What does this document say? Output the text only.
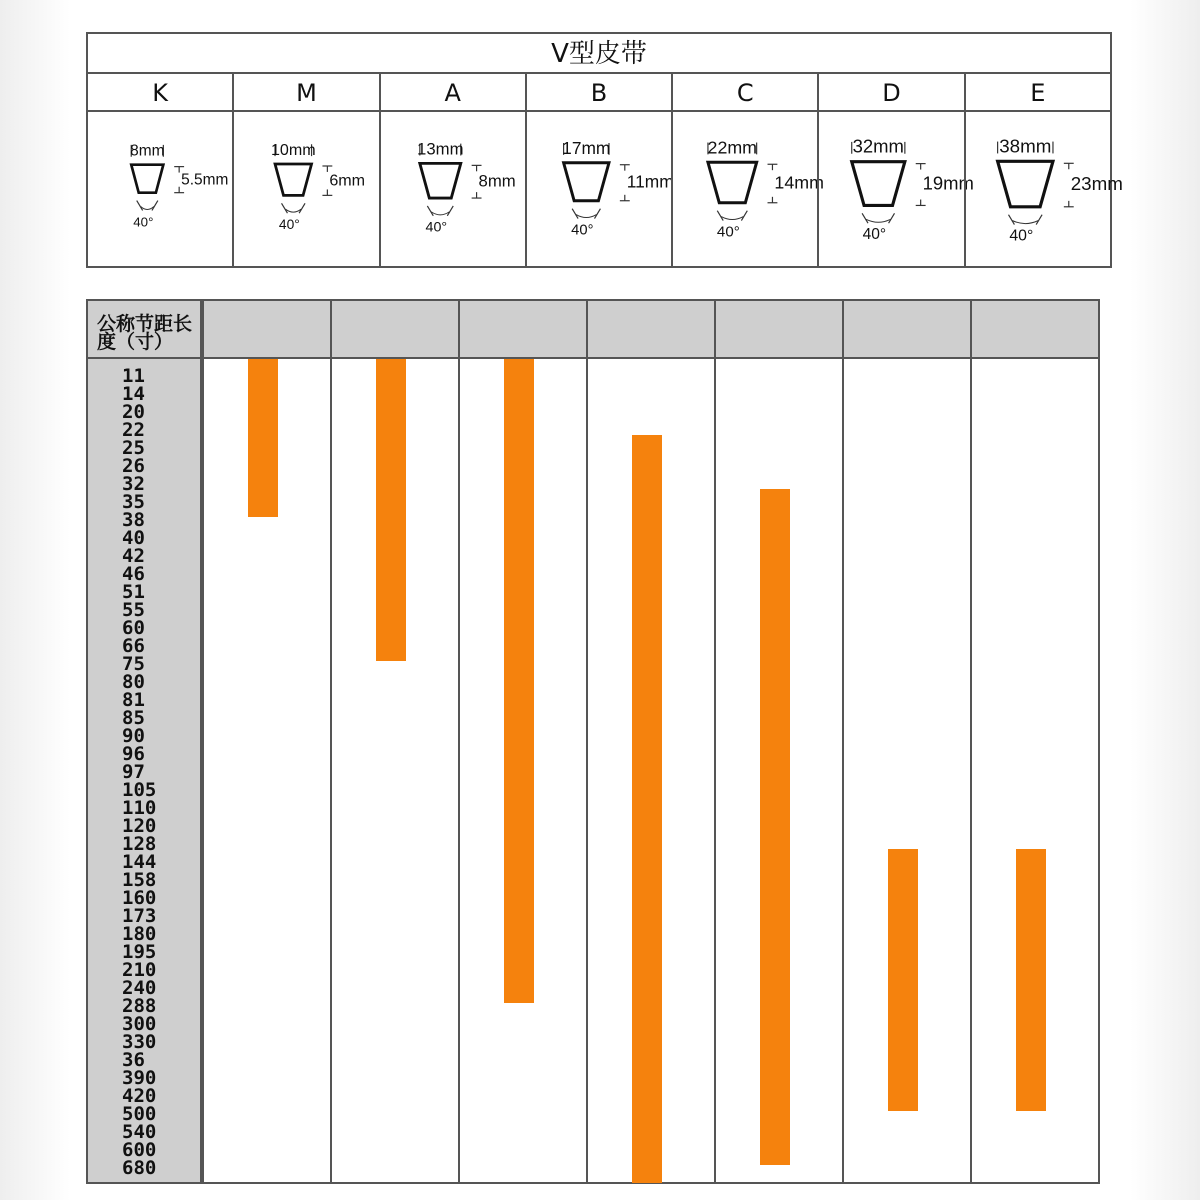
V型皮带
K
8mm
5.5mm
40°
M
10mm
6mm
40°
A
13mm
8mm
40°
B
17mm
11mm
40°
C
22mm
14mm
40°
D
32mm
19mm
40°
E
38mm
23mm
40°
公称节距长度（寸）
11
14
20
22
25
26
32
35
38
40
42
46
51
55
60
66
75
80
81
85
90
96
97
105
110
120
128
144
158
160
173
180
195
210
240
288
300
330
36
390
420
500
540
600
680
